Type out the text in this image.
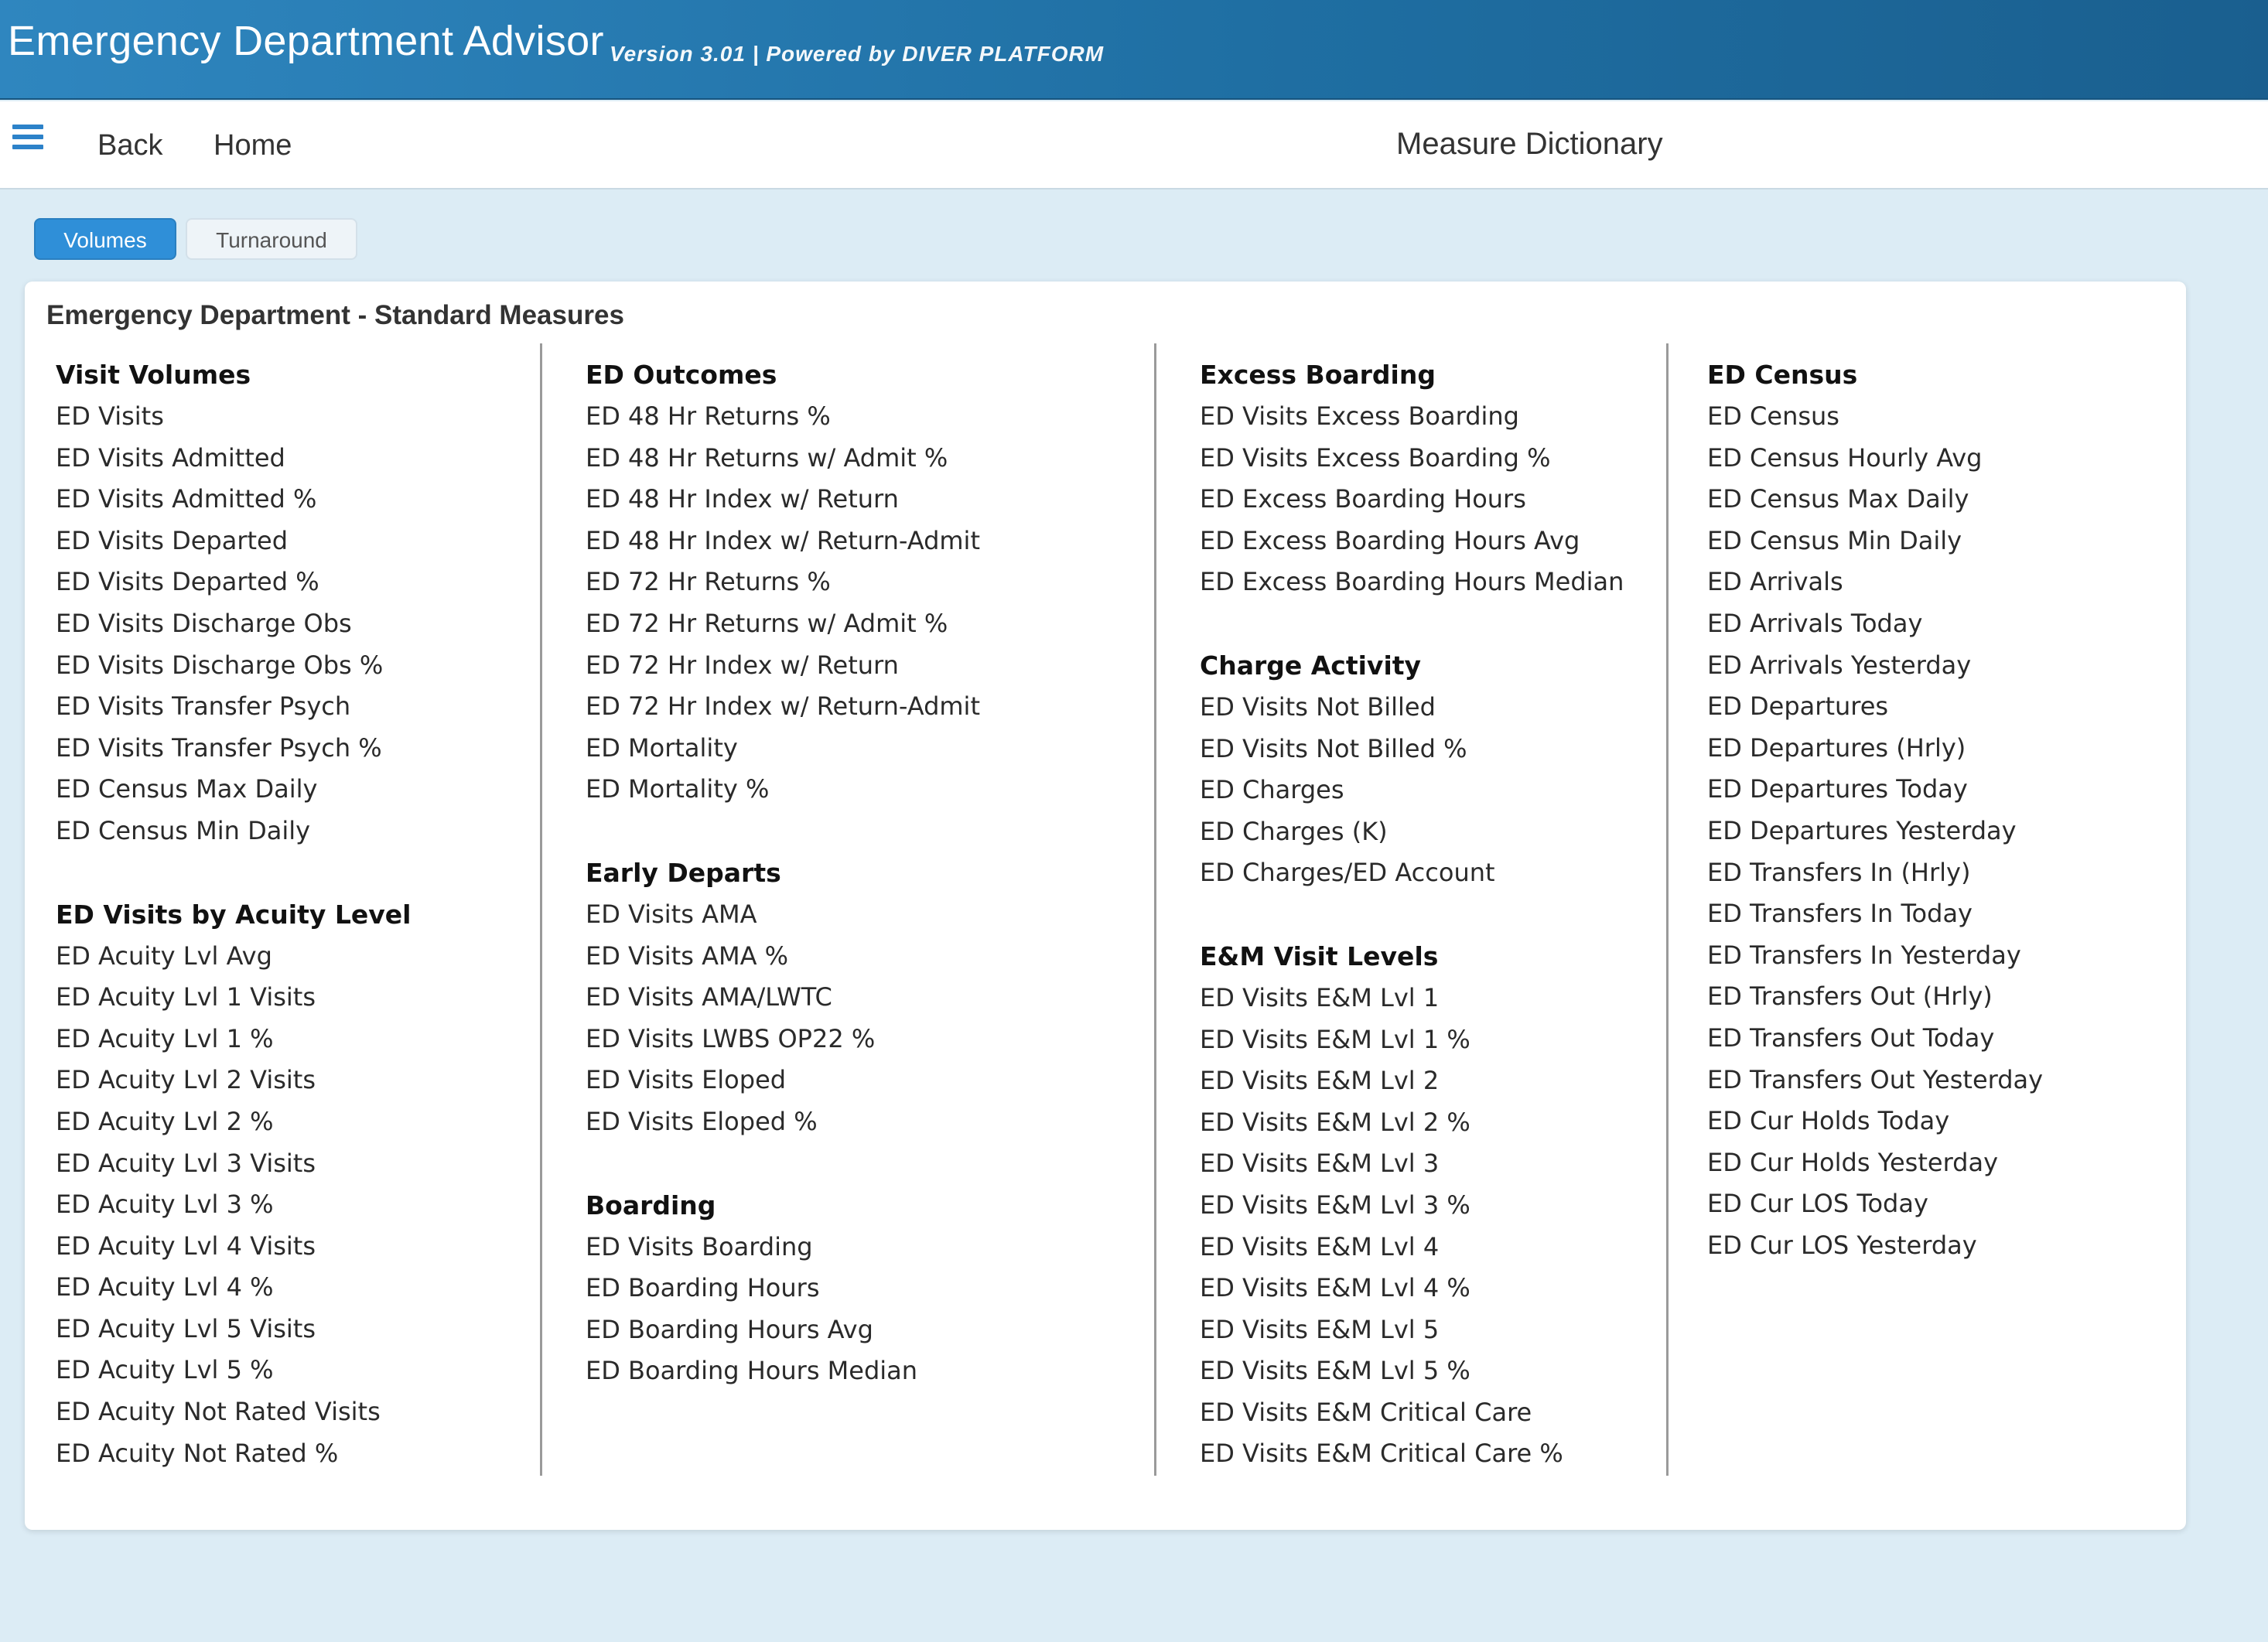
Emergency Department Advisor Version 3.01 | Powered by DIVER PLATFORM
Back Home	Measure Dictionary
Volumes	Turnaround
Emergency Department - Standard Measures
Visit Volumes
ED Visits
ED Visits Admitted
ED Visits Admitted %
ED Visits Departed
ED Visits Departed %
ED Visits Discharge Obs
ED Visits Discharge Obs %
ED Visits Transfer Psych
ED Visits Transfer Psych %
ED Census Max Daily
ED Census Min Daily
ED Visits by Acuity Level
ED Acuity Lvl Avg
ED Acuity Lvl 1 Visits
ED Acuity Lvl 1 %
ED Acuity Lvl 2 Visits
ED Acuity Lvl 2 %
ED Acuity Lvl 3 Visits
ED Acuity Lvl 3 %
ED Acuity Lvl 4 Visits
ED Acuity Lvl 4 %
ED Acuity Lvl 5 Visits
ED Acuity Lvl 5 %
ED Acuity Not Rated Visits
ED Acuity Not Rated %
ED Outcomes
ED 48 Hr Returns %
ED 48 Hr Returns w/ Admit %
ED 48 Hr Index w/ Return
ED 48 Hr Index w/ Return-Admit
ED 72 Hr Returns %
ED 72 Hr Returns w/ Admit %
ED 72 Hr Index w/ Return
ED 72 Hr Index w/ Return-Admit
ED Mortality
ED Mortality %
Early Departs
ED Visits AMA
ED Visits AMA %
ED Visits AMA/LWTC
ED Visits LWBS OP22 %
ED Visits Eloped
ED Visits Eloped %
Boarding
ED Visits Boarding
ED Boarding Hours
ED Boarding Hours Avg
ED Boarding Hours Median
Excess Boarding
ED Visits Excess Boarding
ED Visits Excess Boarding %
ED Excess Boarding Hours
ED Excess Boarding Hours Avg
ED Excess Boarding Hours Median
Charge Activity
ED Visits Not Billed
ED Visits Not Billed %
ED Charges
ED Charges (K)
ED Charges/ED Account
E&M Visit Levels
ED Visits E&M Lvl 1
ED Visits E&M Lvl 1 %
ED Visits E&M Lvl 2
ED Visits E&M Lvl 2 %
ED Visits E&M Lvl 3
ED Visits E&M Lvl 3 %
ED Visits E&M Lvl 4
ED Visits E&M Lvl 4 %
ED Visits E&M Lvl 5
ED Visits E&M Lvl 5 %
ED Visits E&M Critical Care
ED Visits E&M Critical Care %
ED Census
ED Census
ED Census Hourly Avg
ED Census Max Daily
ED Census Min Daily
ED Arrivals
ED Arrivals Today
ED Arrivals Yesterday
ED Departures
ED Departures (Hrly)
ED Departures Today
ED Departures Yesterday
ED Transfers In (Hrly)
ED Transfers In Today
ED Transfers In Yesterday
ED Transfers Out (Hrly)
ED Transfers Out Today
ED Transfers Out Yesterday
ED Cur Holds Today
ED Cur Holds Yesterday
ED Cur LOS Today
ED Cur LOS Yesterday
